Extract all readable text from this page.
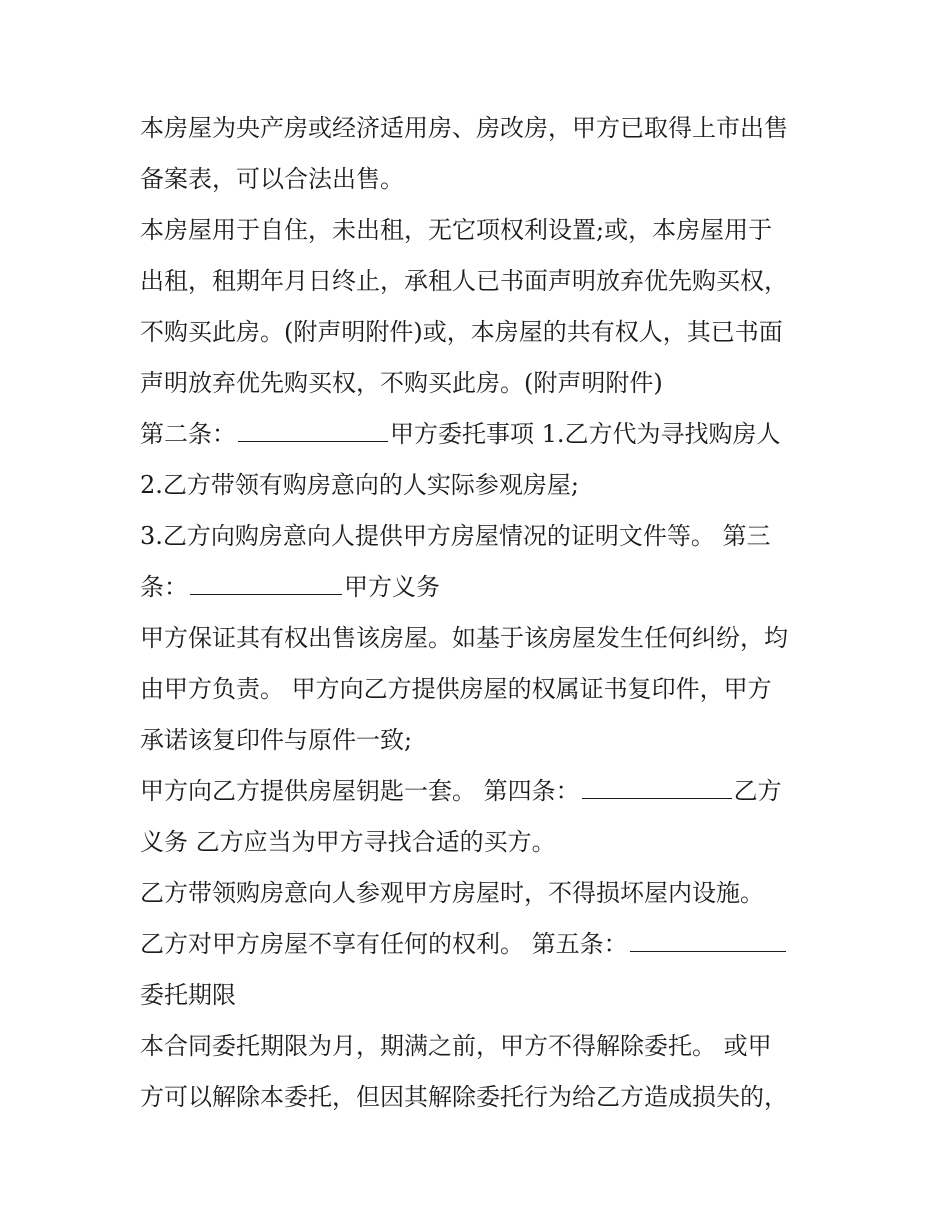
本房屋为央产房或经济适用房、房改房，甲方已取得上市出售
备案表，可以合法出售。
本房屋用于自住，未出租，无它项权利设置;或，本房屋用于
出租，租期年月日终止，承租人已书面声明放弃优先购买权，
不购买此房。(附声明附件)或，本房屋的共有权人，其已书面
声明放弃优先购买权，不购买此房。(附声明附件)
第二条：	甲方委托事项 1.乙方代为寻找购房人
2.乙方带领有购房意向的人实际参观房屋;
3.乙方向购房意向人提供甲方房屋情况的证明文件等。 第三
条：	甲方义务
甲方保证其有权出售该房屋。如基于该房屋发生任何纠纷，均
由甲方负责。 甲方向乙方提供房屋的权属证书复印件，甲方
承诺该复印件与原件一致;
甲方向乙方提供房屋钥匙一套。 第四条：	乙方
义务 乙方应当为甲方寻找合适的买方。
乙方带领购房意向人参观甲方房屋时，不得损坏屋内设施。
乙方对甲方房屋不享有任何的权利。 第五条：
委托期限
本合同委托期限为月，期满之前，甲方不得解除委托。 或甲
方可以解除本委托，但因其解除委托行为给乙方造成损失的，
